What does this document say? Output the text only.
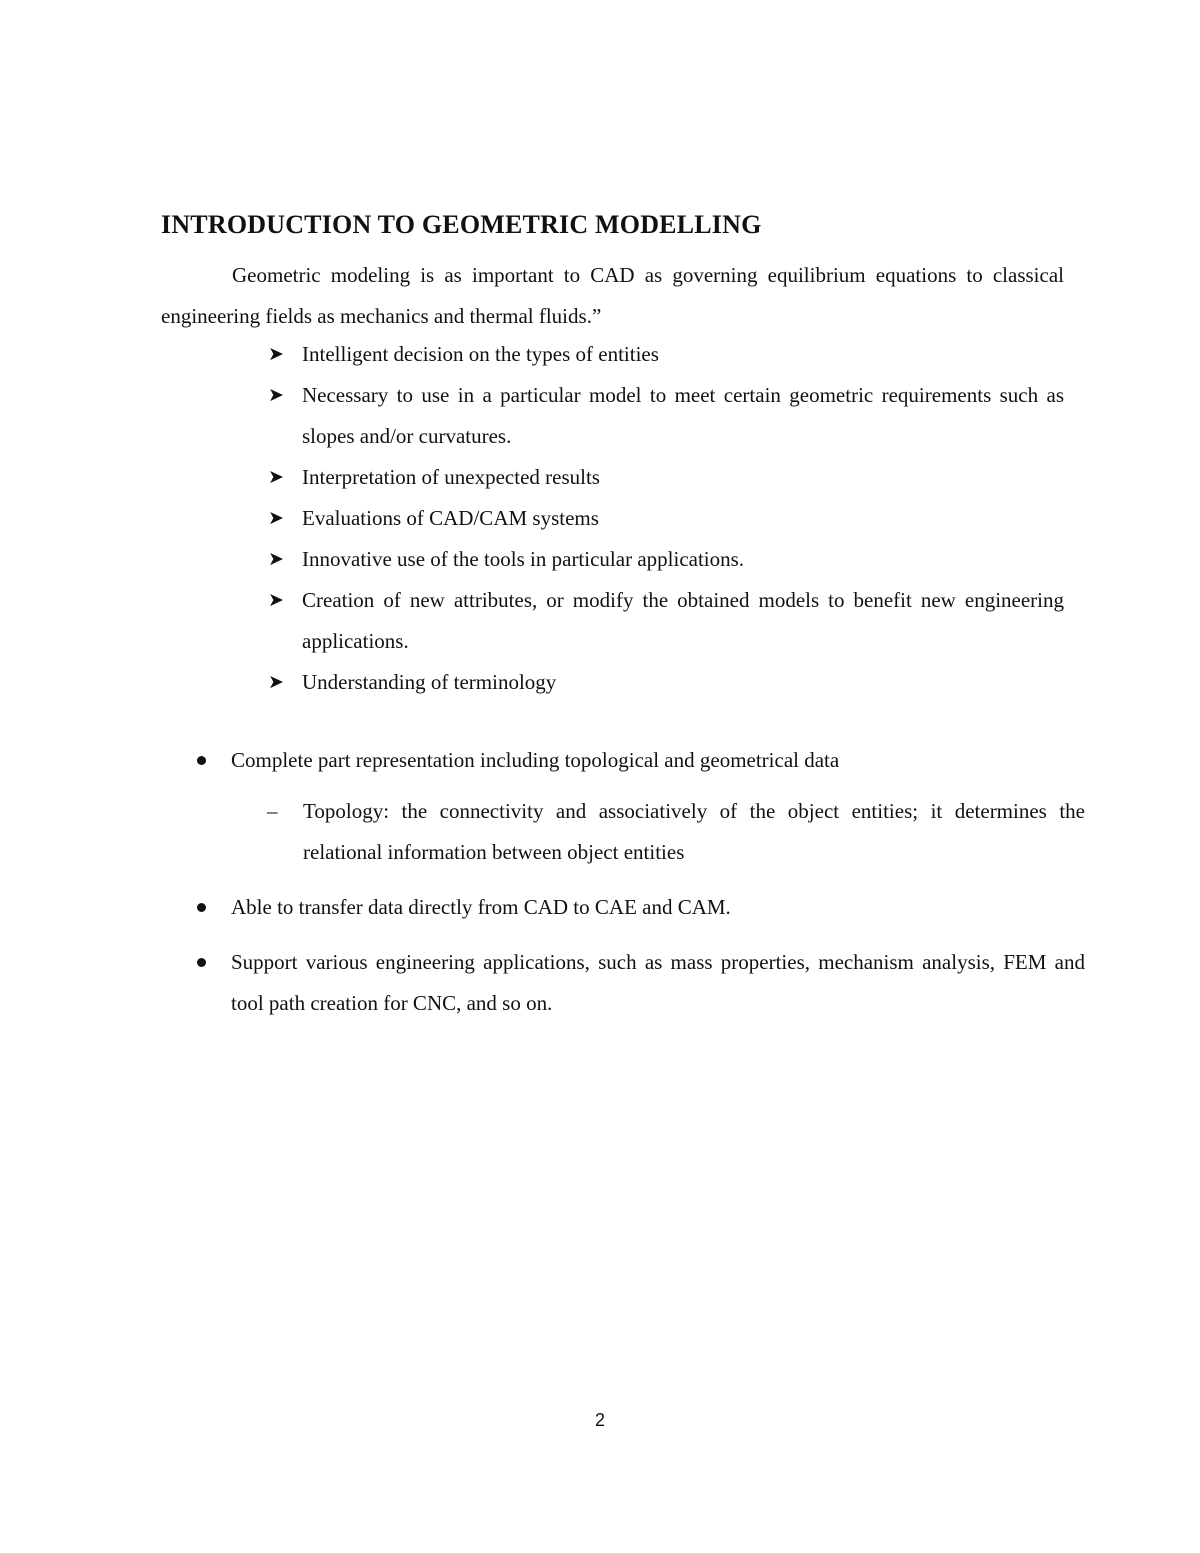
INTRODUCTION TO GEOMETRIC MODELLING

Geometric modeling is as important to CAD as governing equilibrium equations to classical engineering fields as mechanics and thermal fluids.”

➤ Intelligent decision on the types of entities
➤ Necessary to use in a particular model to meet certain geometric requirements such as slopes and/or curvatures.
➤ Interpretation of unexpected results
➤ Evaluations of CAD/CAM systems
➤ Innovative use of the tools in particular applications.
➤ Creation of new attributes, or modify the obtained models to benefit new engineering applications.
➤ Understanding of terminology
Complete part representation including topological and geometrical data
– Topology: the connectivity and associatively of the object entities; it determines the relational information between object entities
Able to transfer data directly from CAD to CAE and CAM.
Support various engineering applications, such as mass properties, mechanism analysis, FEM and tool path creation for CNC, and so on.
2
